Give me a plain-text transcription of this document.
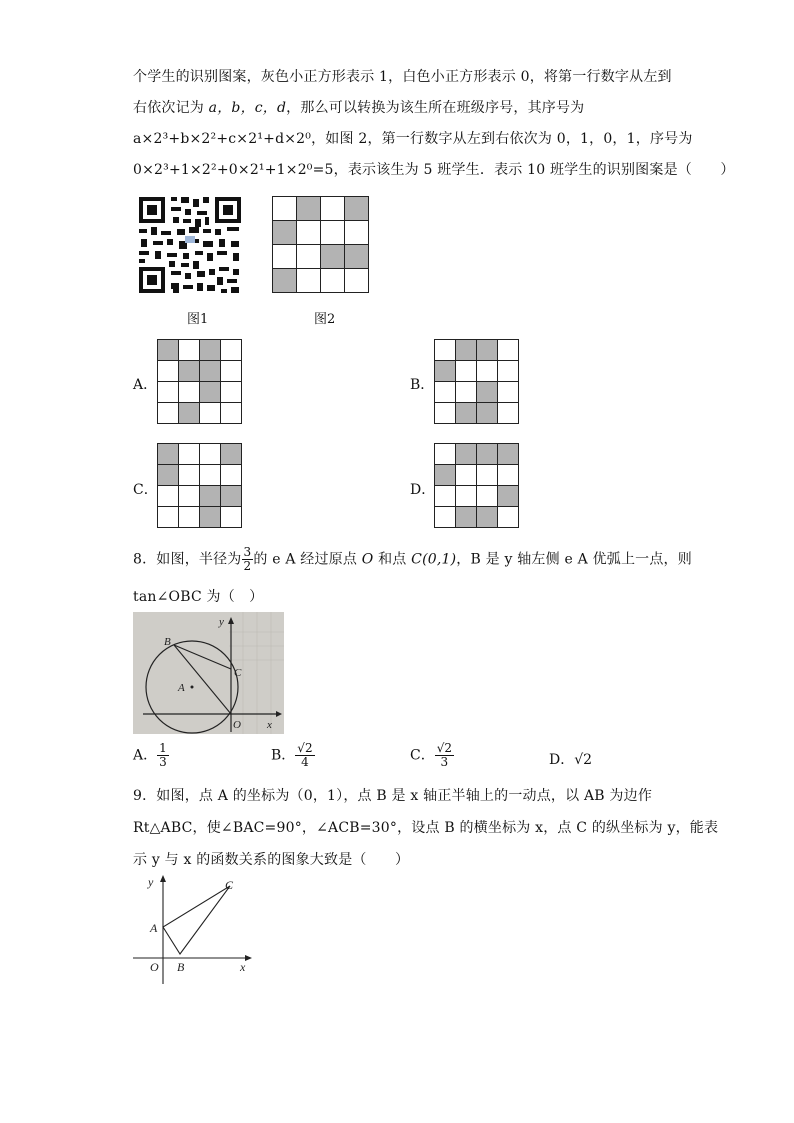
个学生的识别图案，灰色小正方形表示 1，白色小正方形表示 0，将第一行数字从左到
右依次记为 a，b，c，d，那么可以转换为该生所在班级序号，其序号为
a×2³+b×2²+c×2¹+d×2⁰，如图 2，第一行数字从左到右依次为 0，1，0，1，序号为
0×2³+1×2²+0×2¹+1×2⁰=5，表示该生为 5 班学生．表示 10 班学生的识别图案是（　　）
图1	图2
A．	B．
C．	D．
8．如图，半径为 $\frac{3}{2}$ 的 e A 经过原点 O 和点 C(0,1)，B 是 y 轴左侧 e A 优弧上一点，则
tan∠OBC 为（　）
B
C
A
O x
y
A． $\frac{1}{3}$	B． $\frac{√2}{4}$	C． $\frac{√2}{3}$	D．√2
9．如图，点 A 的坐标为（0，1），点 B 是 x 轴正半轴上的一动点，以 AB 为边作
Rt△ABC，使∠BAC=90°，∠ACB=30°，设点 B 的横坐标为 x，点 C 的纵坐标为 y，能表
示 y 与 x 的函数关系的图象大致是（　　）
y	C
A
O B	x
